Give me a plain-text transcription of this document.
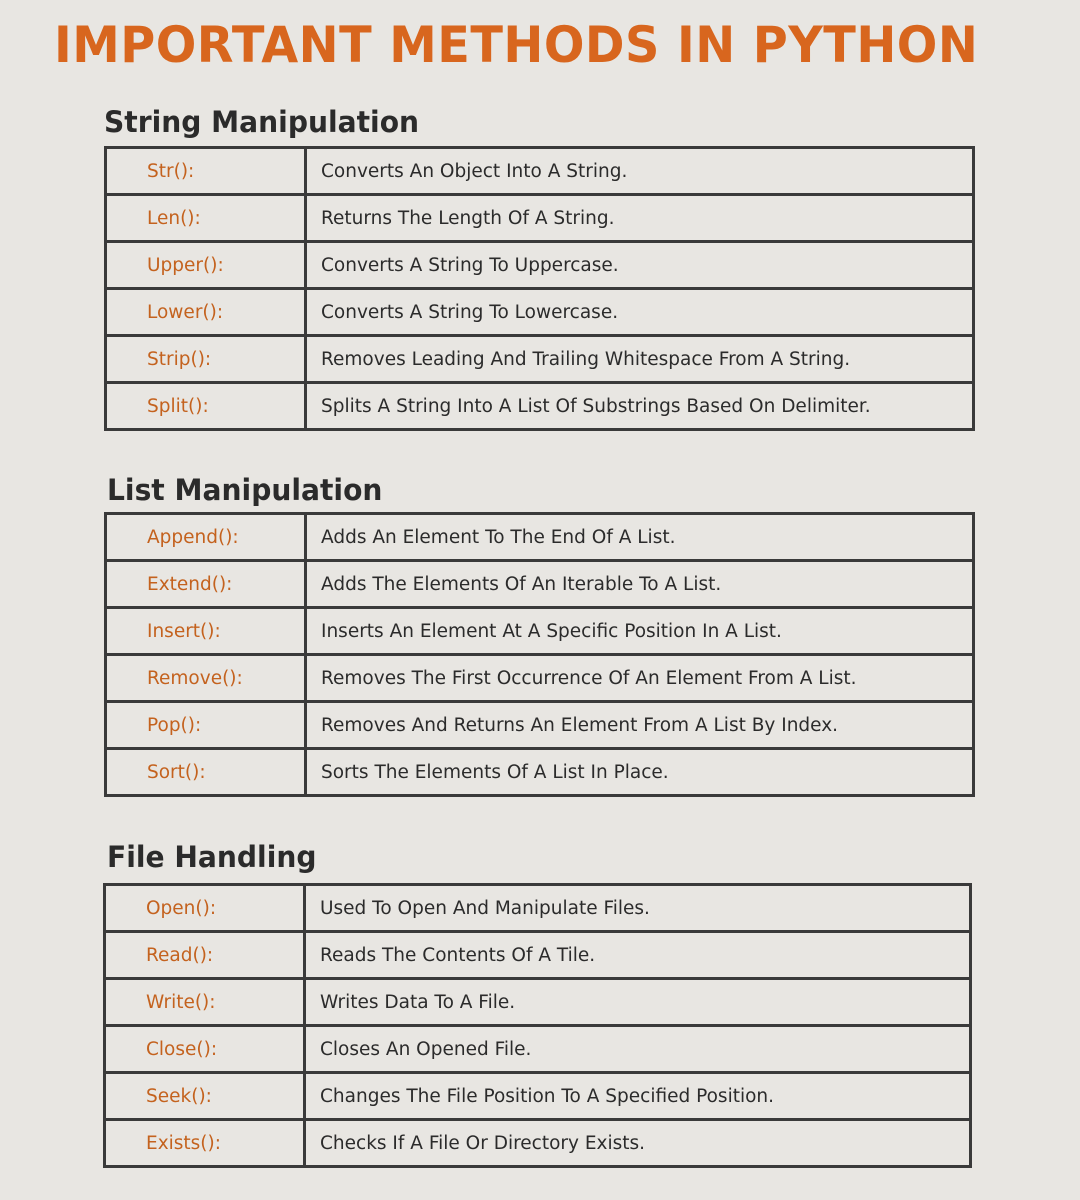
IMPORTANT METHODS IN PYTHON
String Manipulation
Str():	Converts An Object Into A String.
Len():	Returns The Length Of A String.
Upper():	Converts A String To Uppercase.
Lower():	Converts A String To Lowercase.
Strip():	Removes Leading And Trailing Whitespace From A String.
Split():	Splits A String Into A List Of Substrings Based On Delimiter.
List Manipulation
Append():	Adds An Element To The End Of A List.
Extend():	Adds The Elements Of An Iterable To A List.
Insert():	Inserts An Element At A Specific Position In A List.
Remove():	Removes The First Occurrence Of An Element From A List.
Pop():	Removes And Returns An Element From A List By Index.
Sort():	Sorts The Elements Of A List In Place.
File Handling
Open():	Used To Open And Manipulate Files.
Read():	Reads The Contents Of A Tile.
Write():	Writes Data To A File.
Close():	Closes An Opened File.
Seek():	Changes The File Position To A Specified Position.
Exists():	Checks If A File Or Directory Exists.
